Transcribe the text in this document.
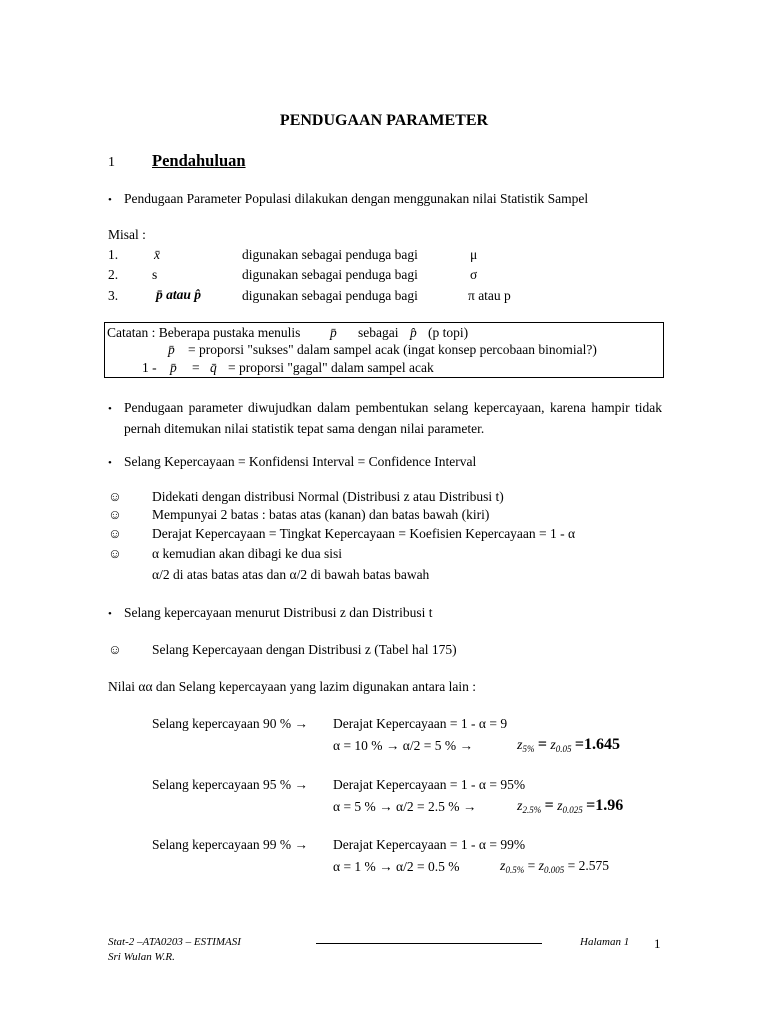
PENDUGAAN PARAMETER
1 Pendahuluan
• Pendugaan Parameter Populasi dilakukan dengan menggunakan nilai Statistik Sampel
Misal :
1.	x̄	digunakan sebagai penduga bagi	μ
2.	s	digunakan sebagai penduga bagi	σ
3.	p̄ atau p̂	digunakan sebagai penduga bagi	π atau p
Catatan : Beberapa pustaka menulis p̄ sebagai p̂ (p topi)
p̄ = proporsi "sukses" dalam sampel acak (ingat konsep percobaan binomial?)
1 - p̄ = q̄ = proporsi "gagal" dalam sampel acak
• Pendugaan parameter diwujudkan dalam pembentukan selang kepercayaan, karena hampir tidak pernah ditemukan nilai statistik tepat sama dengan nilai parameter.
• Selang Kepercayaan = Konfidensi Interval = Confidence Interval
☺ Didekati dengan distribusi Normal (Distribusi z atau Distribusi t)
☺ Mempunyai 2 batas : batas atas (kanan) dan batas bawah (kiri)
☺ Derajat Kepercayaan = Tingkat Kepercayaan = Koefisien Kepercayaan = 1 - α
☺ α kemudian akan dibagi ke dua sisi
α/2 di atas batas atas dan α/2 di bawah batas bawah
• Selang kepercayaan menurut Distribusi z dan Distribusi t
☺ Selang Kepercayaan dengan Distribusi z (Tabel hal 175)
Nilai αα dan Selang kepercayaan yang lazim digunakan antara lain :
Selang kepercayaan 90 % → Derajat Kepercayaan = 1 - α = 9
α = 10 % → α/2 = 5 % →	$z_{5\%} = z_{0.05} =1.645$
Selang kepercayaan 95 % → Derajat Kepercayaan = 1 - α = 95%
α = 5 % → α/2 = 2.5 % →	$z_{2.5\%} = z_{0.025} =1.96$
Selang kepercayaan 99 % → Derajat Kepercayaan = 1 - α = 99%
α = 1 % → α/2 = 0.5 %	$z_{0.5\%} = z_{0.005} = 2.575$
Stat-2 –ATA0203 – ESTIMASI
Sri Wulan W.R.
Halaman 1 1
